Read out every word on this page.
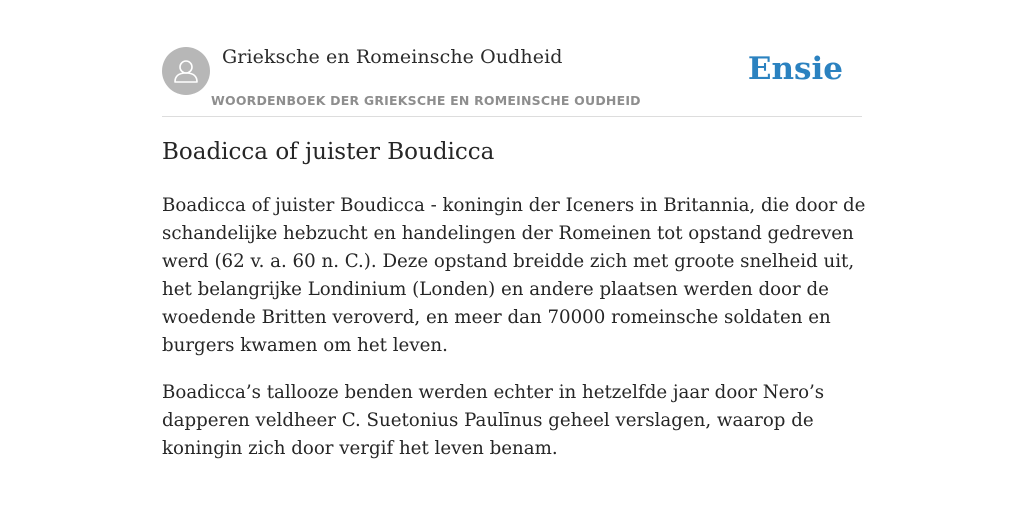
Grieksche en Romeinsche Oudheid
WOORDENBOEK DER GRIEKSCHE EN ROMEINSCHE OUDHEID
Ensie
Boadicca of juister Boudicca

Boadicca of juister Boudicca - koningin der Iceners in Britannia, die door de schandelijke hebzucht en handelingen der Romeinen tot opstand gedreven werd (62 v. a. 60 n. C.). Deze opstand breidde zich met groote snelheid uit, het belangrijke Londinium (Londen) en andere plaatsen werden door de woedende Britten veroverd, en meer dan 70000 romeinsche soldaten en burgers kwamen om het leven.

Boadicca’s tallooze benden werden echter in hetzelfde jaar door Nero’s dapperen veldheer C. Suetonius Paulīnus geheel verslagen, waarop de koningin zich door vergif het leven benam.
